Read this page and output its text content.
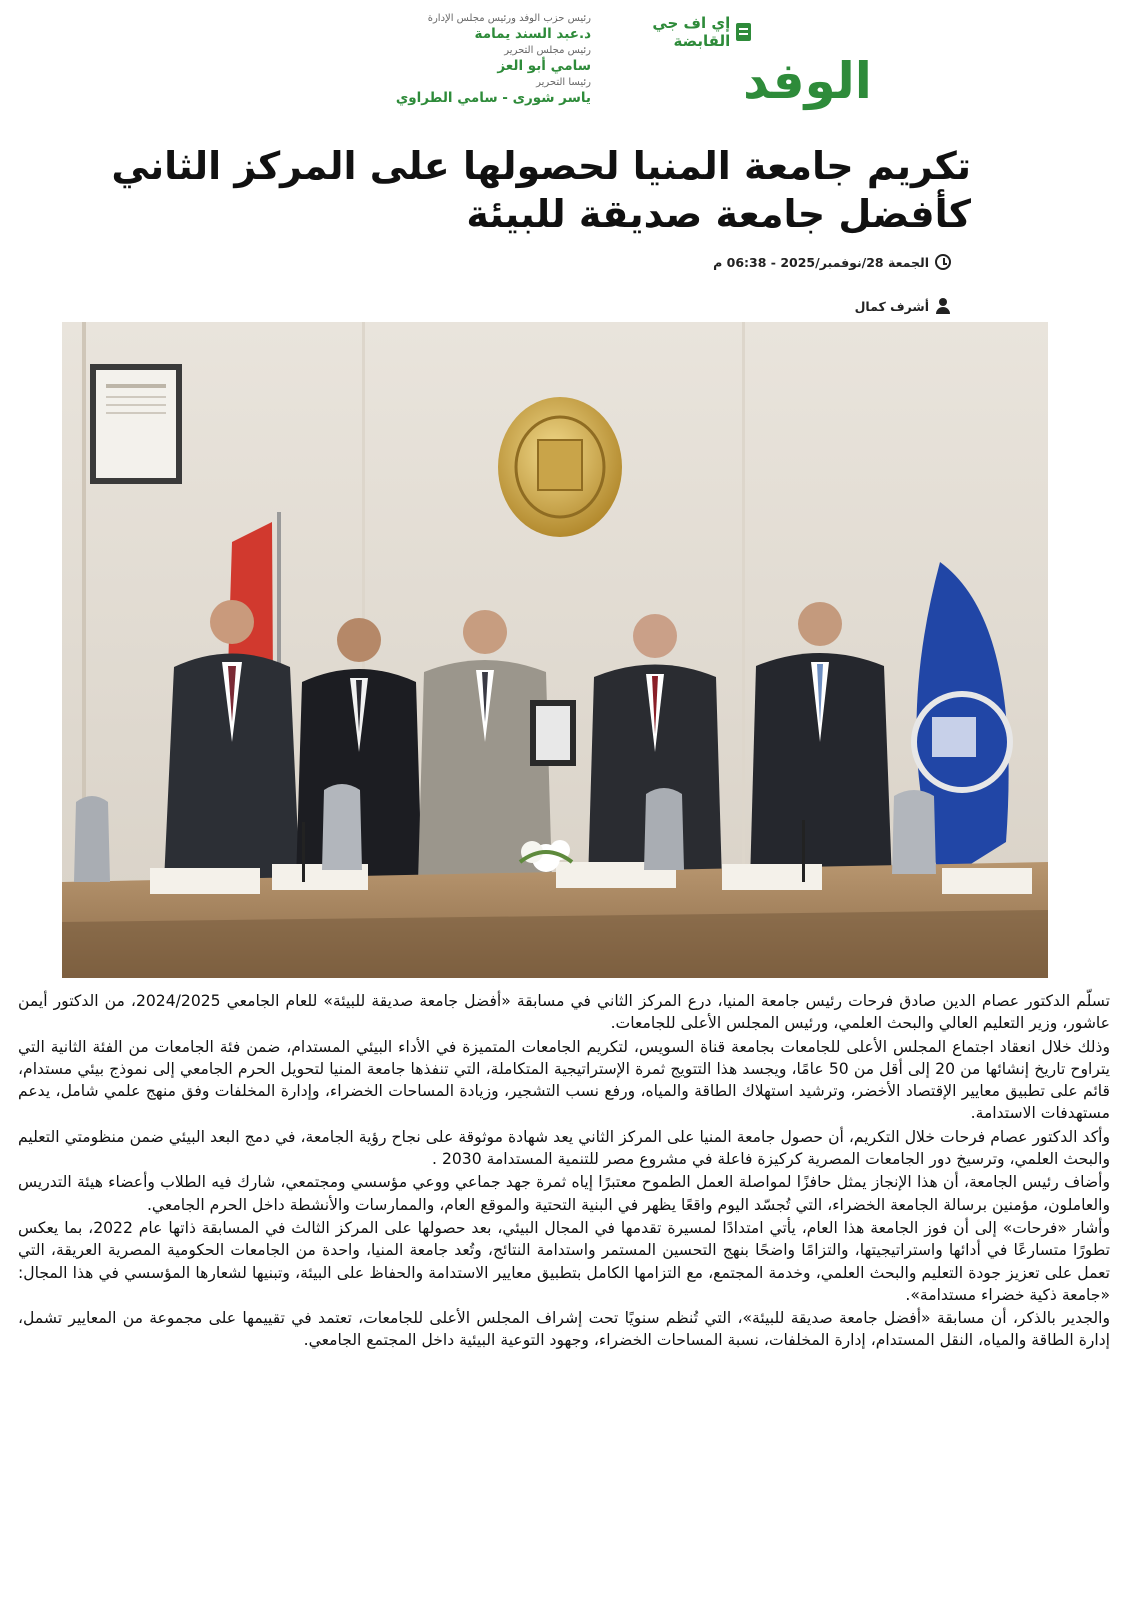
إي اف جي القابضة
الوفد
رئيس حزب الوفد ورئيس مجلس الإدارة
د.عبد السند يمامة
رئيس مجلس التحرير
سامي أبو العز
رئيسا التحرير
ياسر شورى - سامي الطراوي
تكريم جامعة المنيا لحصولها على المركز الثاني كأفضل جامعة صديقة للبيئة
الجمعة 28/نوفمبر/2025 - 06:38 م
أشرف كمال

تسلّم الدكتور عصام الدين صادق فرحات رئيس جامعة المنيا، درع المركز الثاني في مسابقة «أفضل جامعة صديقة للبيئة» للعام الجامعي 2024/2025، من الدكتور أيمن عاشور، وزير التعليم العالي والبحث العلمي، ورئيس المجلس الأعلى للجامعات.

وذلك خلال انعقاد اجتماع المجلس الأعلى للجامعات بجامعة قناة السويس، لتكريم الجامعات المتميزة في الأداء البيئي المستدام، ضمن فئة الجامعات من الفئة الثانية التي يتراوح تاريخ إنشائها من 20 إلى أقل من 50 عامًا، ويجسد هذا التتويج ثمرة الإستراتيجية المتكاملة، التي تنفذها جامعة المنيا لتحويل الحرم الجامعي إلى نموذج بيئي مستدام، قائم على تطبيق معايير الإقتصاد الأخضر، وترشيد استهلاك الطاقة والمياه، ورفع نسب التشجير، وزيادة المساحات الخضراء، وإدارة المخلفات وفق منهج علمي شامل، يدعم مستهدفات الاستدامة.

وأكد الدكتور عصام فرحات خلال التكريم، أن حصول جامعة المنيا على المركز الثاني يعد شهادة موثوقة على نجاح رؤية الجامعة، في دمج البعد البيئي ضمن منظومتي التعليم والبحث العلمي، وترسيخ دور الجامعات المصرية كركيزة فاعلة في مشروع مصر للتنمية المستدامة 2030 .

وأضاف رئيس الجامعة، أن هذا الإنجاز يمثل حافزًا لمواصلة العمل الطموح معتبرًا إياه ثمرة جهد جماعي ووعي مؤسسي ومجتمعي، شارك فيه الطلاب وأعضاء هيئة التدريس والعاملون، مؤمنين برسالة الجامعة الخضراء، التي تُجسّد اليوم واقعًا يظهر في البنية التحتية والموقع العام، والممارسات والأنشطة داخل الحرم الجامعي.

وأشار «فرحات» إلى أن فوز الجامعة هذا العام، يأتي امتدادًا لمسيرة تقدمها في المجال البيئي، بعد حصولها على المركز الثالث في المسابقة ذاتها عام 2022، بما يعكس تطورًا متسارعًا في أدائها واستراتيجيتها، والتزامًا واضحًا بنهج التحسين المستمر واستدامة النتائج، وتُعد جامعة المنيا، واحدة من الجامعات الحكومية المصرية العريقة، التي تعمل على تعزيز جودة التعليم والبحث العلمي، وخدمة المجتمع، مع التزامها الكامل بتطبيق معايير الاستدامة والحفاظ على البيئة، وتبنيها لشعارها المؤسسي في هذا المجال: «جامعة ذكية خضراء مستدامة».

والجدير بالذكر، أن مسابقة «أفضل جامعة صديقة للبيئة»، التي تُنظم سنويًا تحت إشراف المجلس الأعلى للجامعات، تعتمد في تقييمها على مجموعة من المعايير تشمل، إدارة الطاقة والمياه، النقل المستدام، إدارة المخلفات، نسبة المساحات الخضراء، وجهود التوعية البيئية داخل المجتمع الجامعي.
